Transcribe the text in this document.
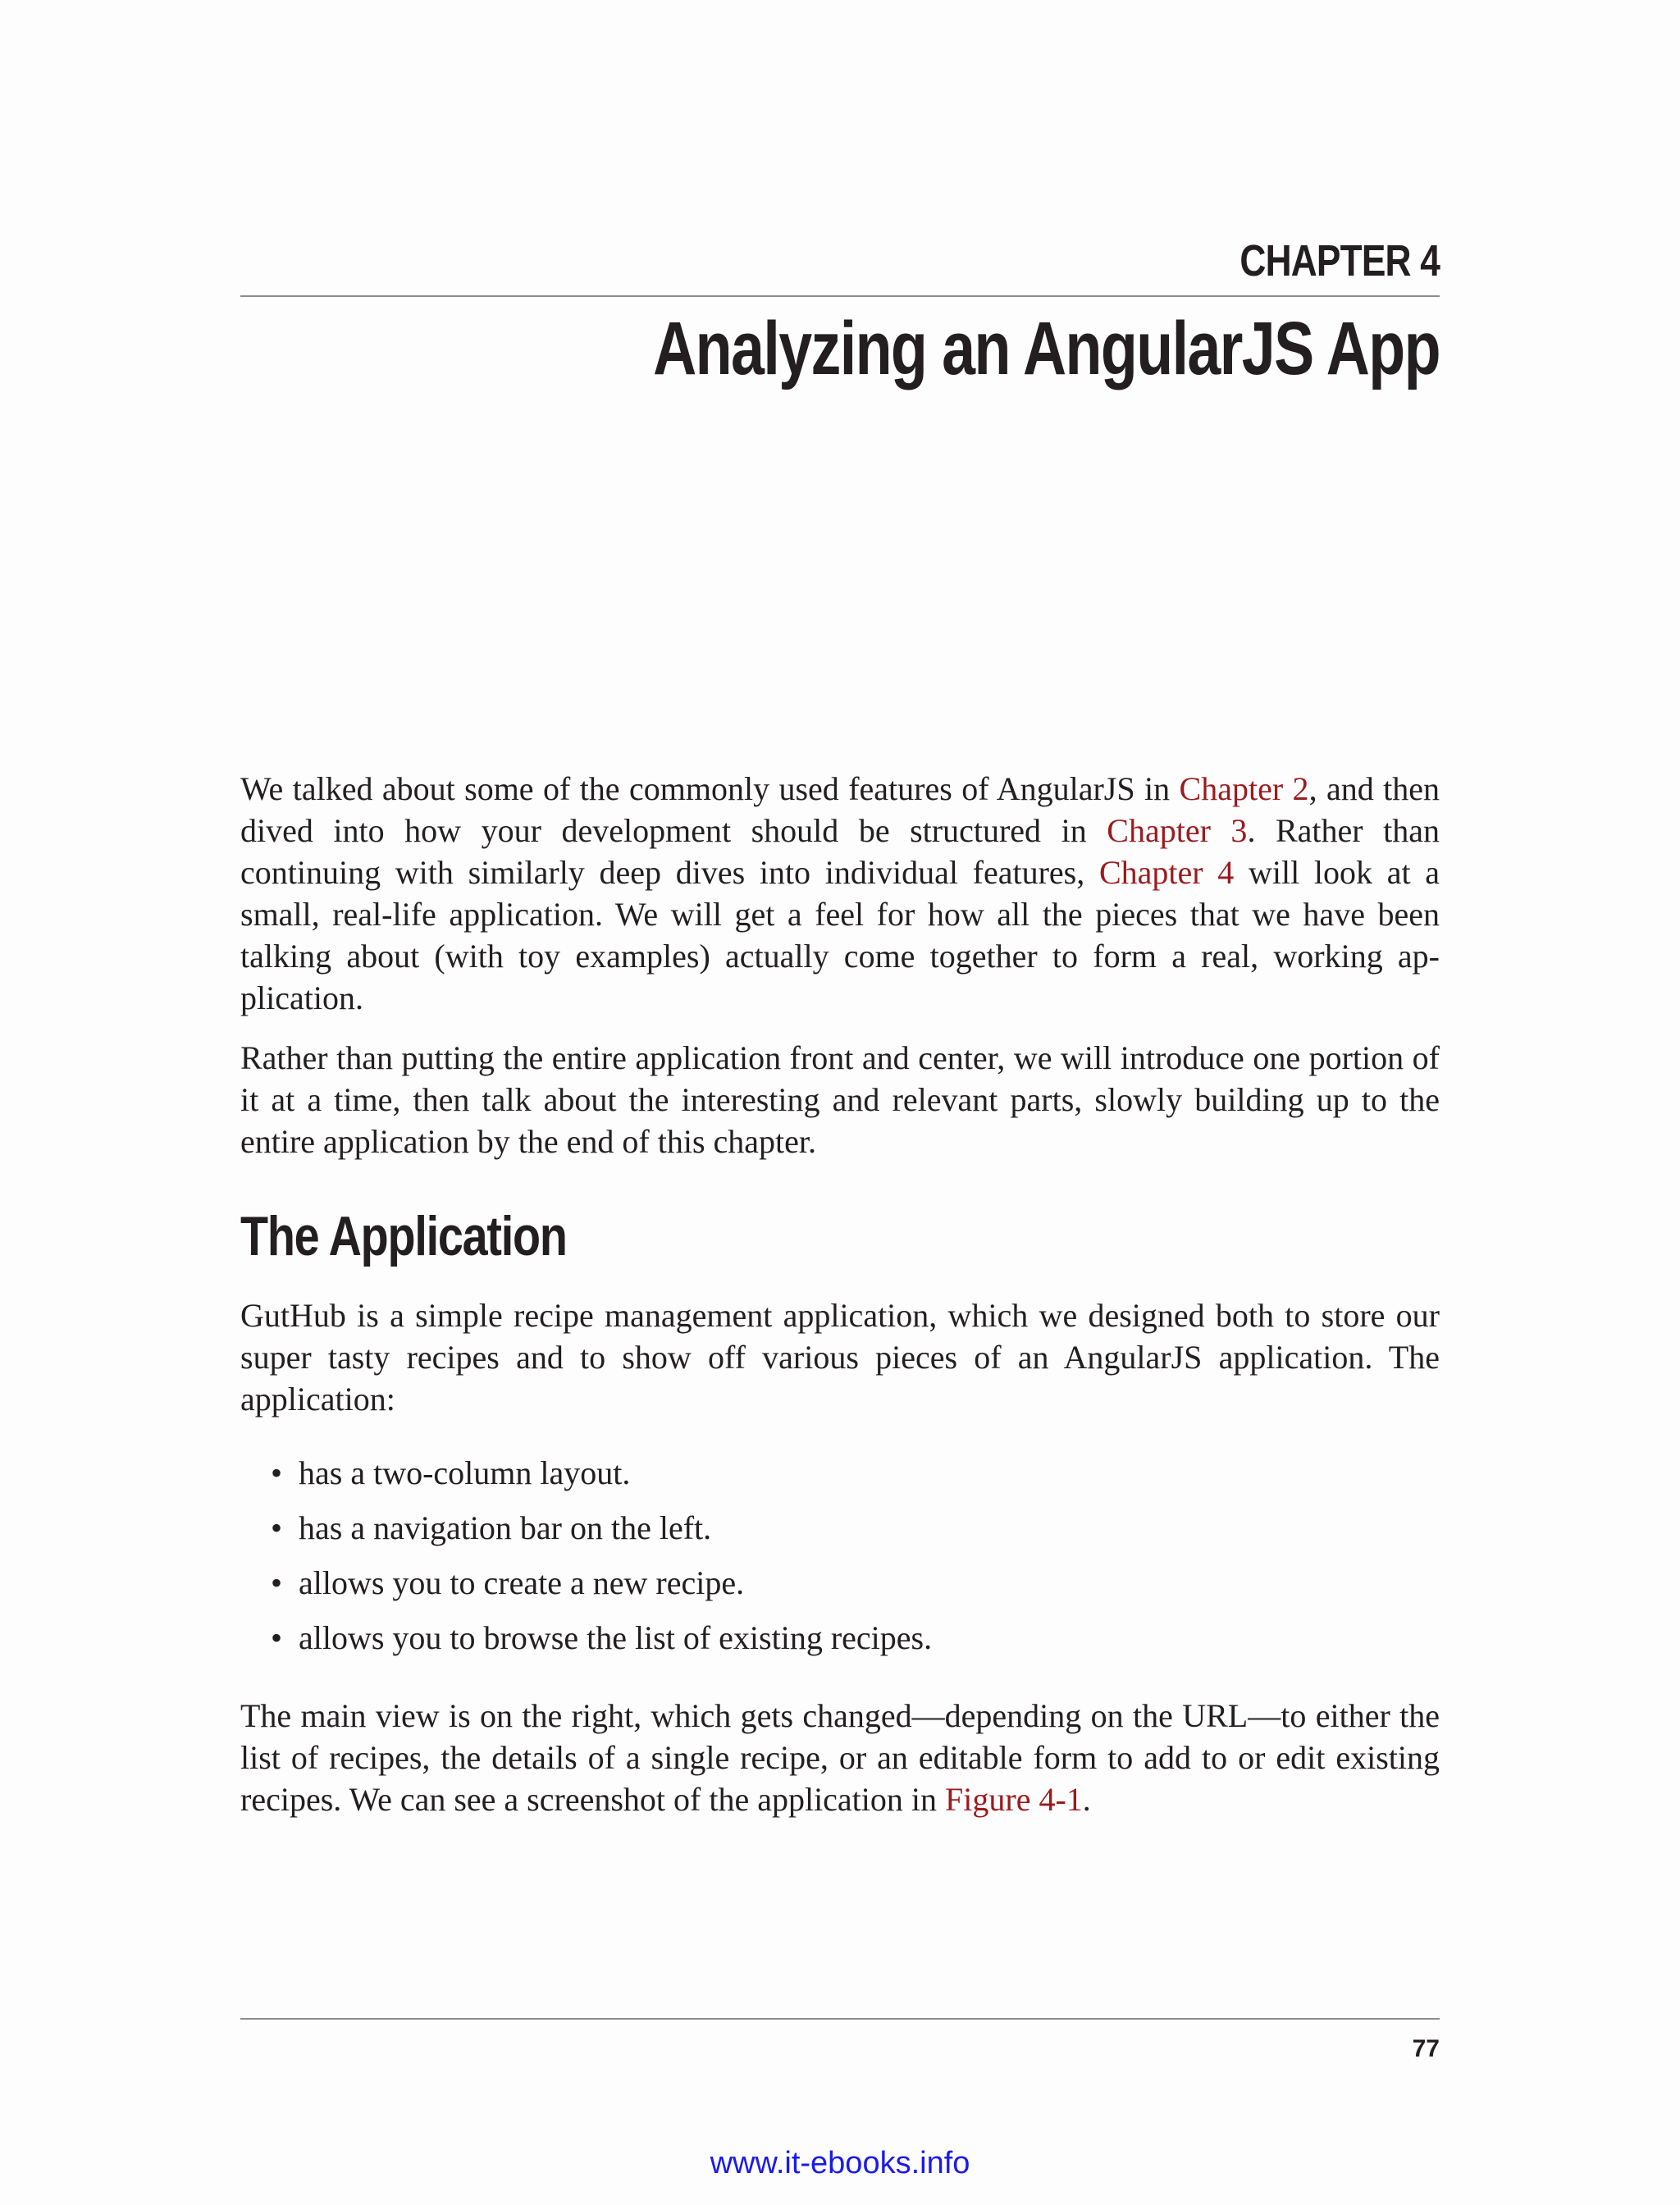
CHAPTER 4
Analyzing an AngularJS App

We talked about some of the commonly used features of AngularJS in Chapter 2, and then dived into how your development should be structured in Chapter 3. Rather than continuing with similarly deep dives into individual features, Chapter 4 will look at a small, real-life application. We will get a feel for how all the pieces that we have been talking about (with toy examples) actually come together to form a real, working application.

Rather than putting the entire application front and center, we will introduce one portion of it at a time, then talk about the interesting and relevant parts, slowly building up to the entire application by the end of this chapter.

The Application

GutHub is a simple recipe management application, which we designed both to store our super tasty recipes and to show off various pieces of an AngularJS application. The application:

• has a two-column layout.
• has a navigation bar on the left.
• allows you to create a new recipe.
• allows you to browse the list of existing recipes.

The main view is on the right, which gets changed—depending on the URL—to either the list of recipes, the details of a single recipe, or an editable form to add to or edit existing recipes. We can see a screenshot of the application in Figure 4-1.

77
www.it-ebooks.info
